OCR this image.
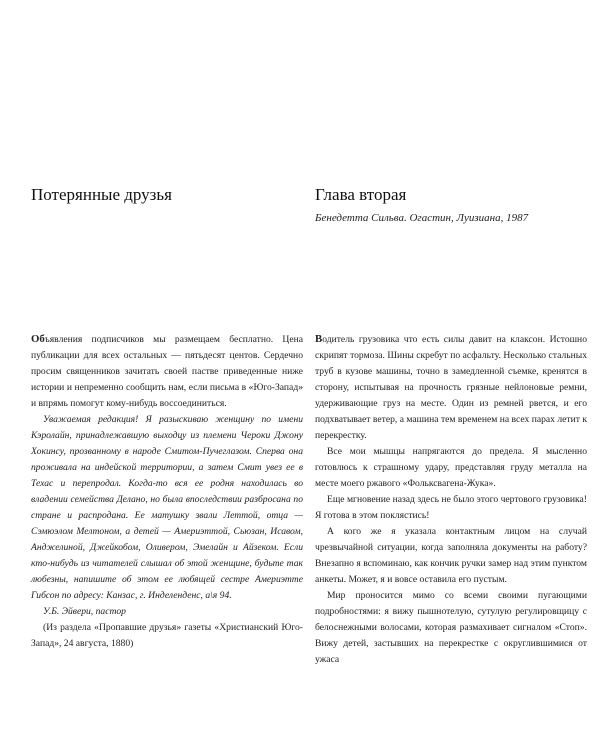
Потерянные друзья

Объявления подписчиков мы размещаем бесплатно. Цена публикации для всех остальных — пятьдесят центов. Сердечно просим священников зачитать своей пастве приведенные ниже истории и непременно сообщить нам, если письма в «Юго-Запад» и впрямь помогут кому-нибудь воссоединиться.

Уважаемая редакция! Я разыскиваю женщину по имени Кэролайн, принадлежавшую выходцу из племени Чероки Джону Хокинсу, прозванному в народе Смитом-Пучеглазом. Сперва она проживала на индейской территории, а затем Смит увез ее в Техас и перепродал. Когда-то вся ее родня находилась во владении семейства Делано, но была впоследствии разбросана по стране и распродана. Ее матушку звали Леттой, отца — Сэмюэлом Мелтоном, а детей — Америэттой, Сьюзан, Исавом, Анджелиной, Джейкобом, Оливером, Эмелайн и Айзеком. Если кто-нибудь из читателей слышал об этой женщине, будьте так любезны, напишите об этом ее любящей сестре Америэтте Гибсон по адресу: Канзас, г. Инделенденс, а\я 94.

У.Б. Эйвери, пастор

(Из раздела «Пропавшие друзья» газеты «Христианский Юго-Запад», 24 августа, 1880)

Глава вторая

Бенедетта Сильва. Огастин, Луизиана, 1987

Водитель грузовика что есть силы давит на клаксон. Истошно скрипят тормоза. Шины скребут по асфальту. Несколько стальных труб в кузове машины, точно в замедленной съемке, кренятся в сторону, испытывая на прочность грязные нейлоновые ремни, удерживающие груз на месте. Один из ремней рвется, и его подхватывает ветер, а машина тем временем на всех парах летит к перекрестку.

Все мои мышцы напрягаются до предела. Я мысленно готовлюсь к страшному удару, представляя груду металла на месте моего ржавого «Фольксвагена-Жука».

Еще мгновение назад здесь не было этого чертового грузовика! Я готова в этом поклястись!

А кого же я указала контактным лицом на случай чрезвычайной ситуации, когда заполняла документы на работу? Внезапно я вспоминаю, как кончик ручки замер над этим пунктом анкеты. Может, я и вовсе оставила его пустым.

Мир проносится мимо со всеми своими пугающими подробностями: я вижу пышнотелую, сутулую регулировщицу с белоснежными волосами, которая размахивает сигналом «Стоп». Вижу детей, застывших на перекрестке с округлившимися от ужаса
